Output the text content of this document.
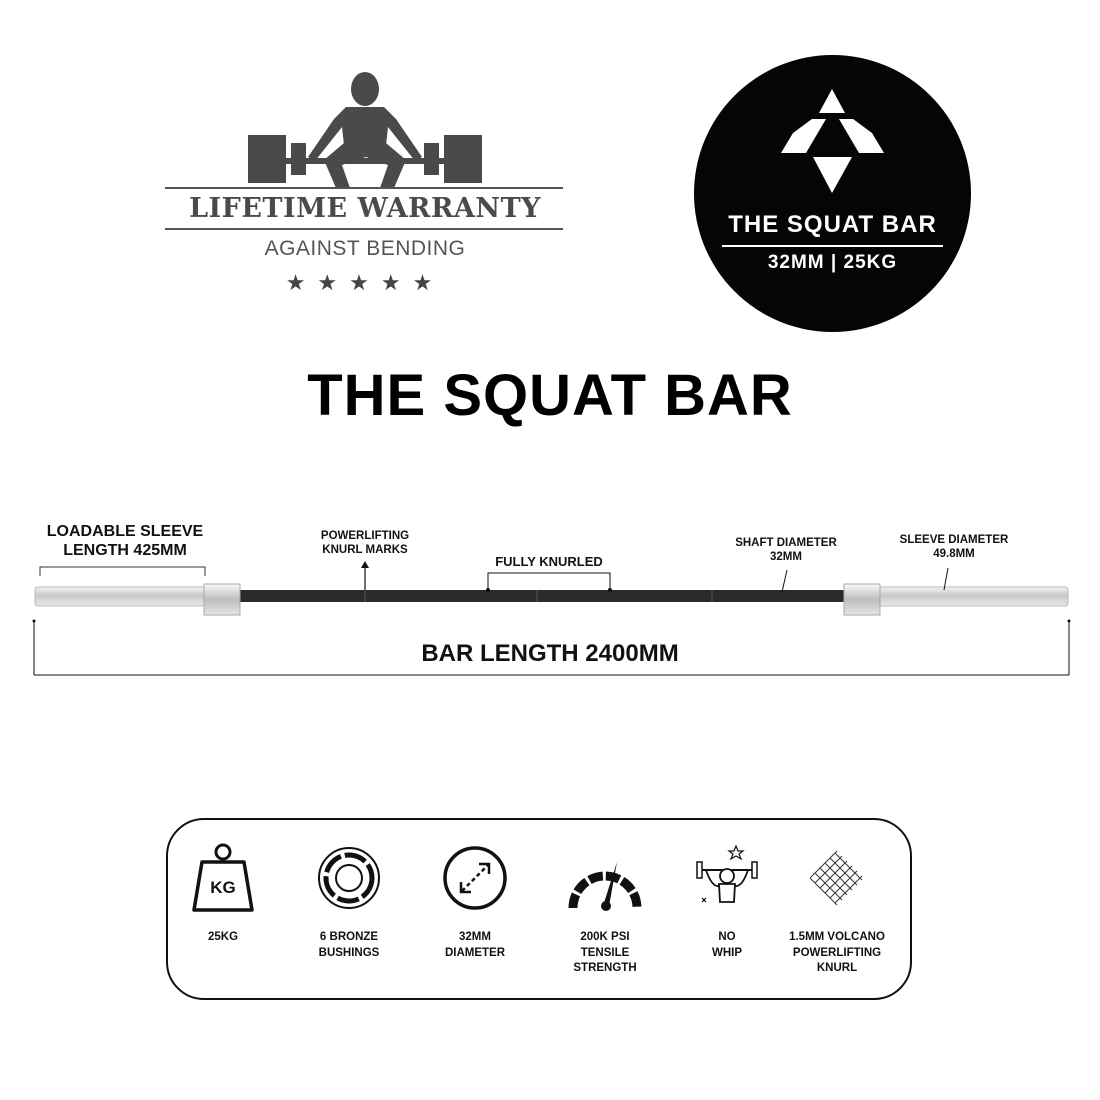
LIFETIME WARRANTY
AGAINST BENDING
★★★★★
THE SQUAT BAR
32MM | 25KG
THE SQUAT BAR
LOADABLE SLEEVE
LENGTH 425MM
POWERLIFTING
KNURL MARKS
FULLY KNURLED
SHAFT DIAMETER
32MM
SLEEVE DIAMETER
49.8MM
BAR LENGTH 2400MM
KG
25KG	6 BRONZE
BUSHINGS
32MM
DIAMETER
200K PSI
TENSILE
STRENGTH
NO
WHIP
1.5MM VOLCANO
POWERLIFTING
KNURL
